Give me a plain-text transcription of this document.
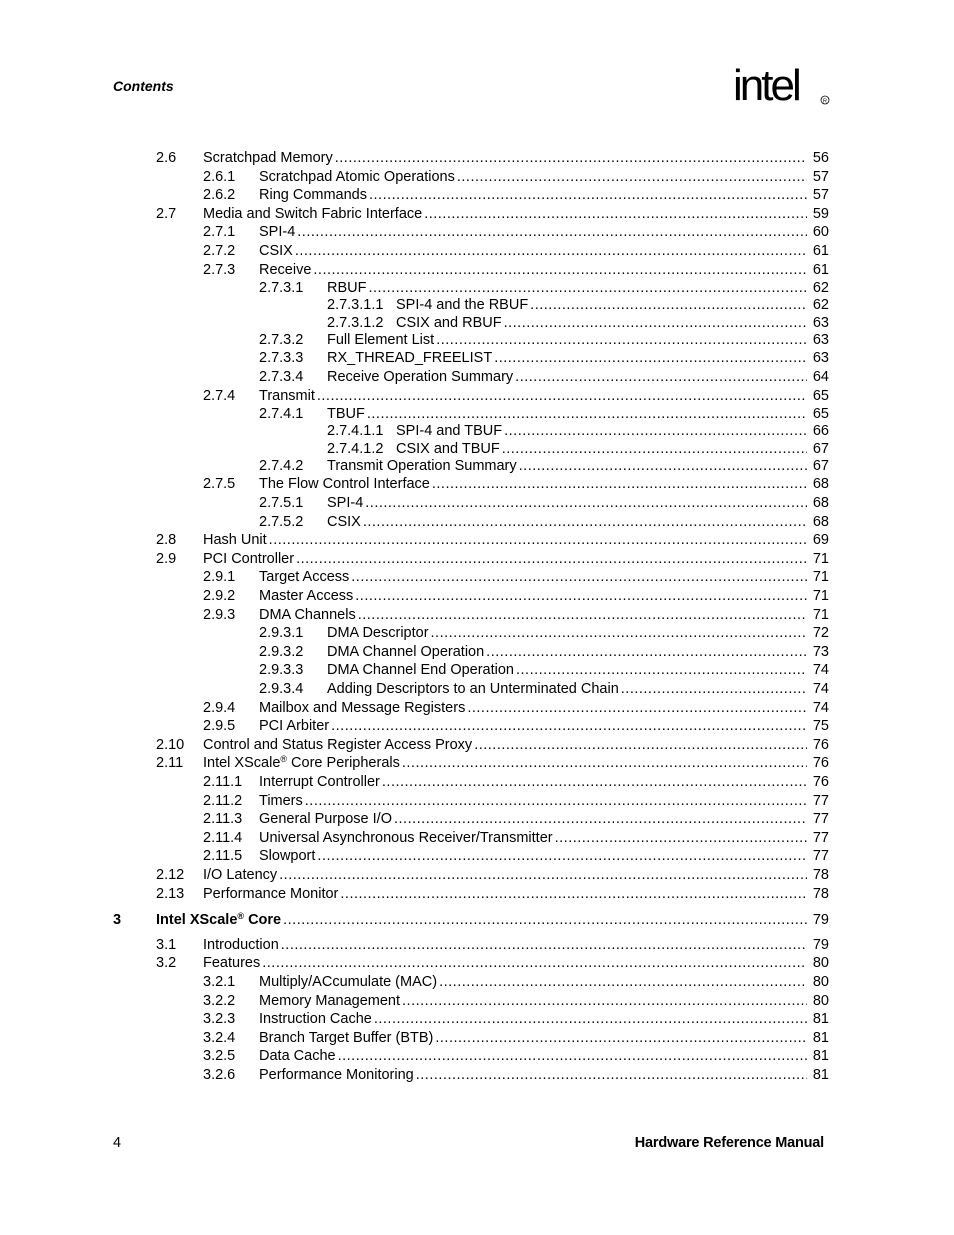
Contents	intel	R
2.6 Scratchpad Memory .....	56
2.6.1 Scratchpad Atomic Operations .....	57
2.6.2 Ring Commands .....	57
2.7 Media and Switch Fabric Interface .....	59
2.7.1 SPI-4 .....	60
2.7.2 CSIX .....	61
2.7.3 Receive .....	61
2.7.3.1 RBUF .....	62
2.7.3.1.1 SPI-4 and the RBUF .....	62
2.7.3.1.2 CSIX and RBUF .....	63
2.7.3.2 Full Element List .....	63
2.7.3.3 RX_THREAD_FREELIST .....	63
2.7.3.4 Receive Operation Summary .....	64
2.7.4 Transmit .....	65
2.7.4.1 TBUF .....	65
2.7.4.1.1 SPI-4 and TBUF .....	66
2.7.4.1.2 CSIX and TBUF .....	67
2.7.4.2 Transmit Operation Summary .....	67
2.7.5 The Flow Control Interface .....	68
2.7.5.1 SPI-4 .....	68
2.7.5.2 CSIX .....	68
2.8 Hash Unit .....	69
2.9 PCI Controller .....	71
2.9.1 Target Access .....	71
2.9.2 Master Access .....	71
2.9.3 DMA Channels .....	71
2.9.3.1 DMA Descriptor .....	72
2.9.3.2 DMA Channel Operation .....	73
2.9.3.3 DMA Channel End Operation .....	74
2.9.3.4 Adding Descriptors to an Unterminated Chain .....	74
2.9.4 Mailbox and Message Registers .....	74
2.9.5 PCI Arbiter .....	75
2.10 Control and Status Register Access Proxy .....	76
2.11 Intel XScale® Core Peripherals .....	76
2.11.1 Interrupt Controller .....	76
2.11.2 Timers .....	77
2.11.3 General Purpose I/O .....	77
2.11.4 Universal Asynchronous Receiver/Transmitter .....	77
2.11.5 Slowport .....	77
2.12 I/O Latency .....	78
2.13 Performance Monitor .....	78
3 Intel XScale® Core .....	79
3.1 Introduction .....	79
3.2 Features .....	80
3.2.1 Multiply/ACcumulate (MAC) .....	80
3.2.2 Memory Management .....	80
3.2.3 Instruction Cache .....	81
3.2.4 Branch Target Buffer (BTB) .....	81
3.2.5 Data Cache .....	81
3.2.6 Performance Monitoring .....	81
4	Hardware Reference Manual
